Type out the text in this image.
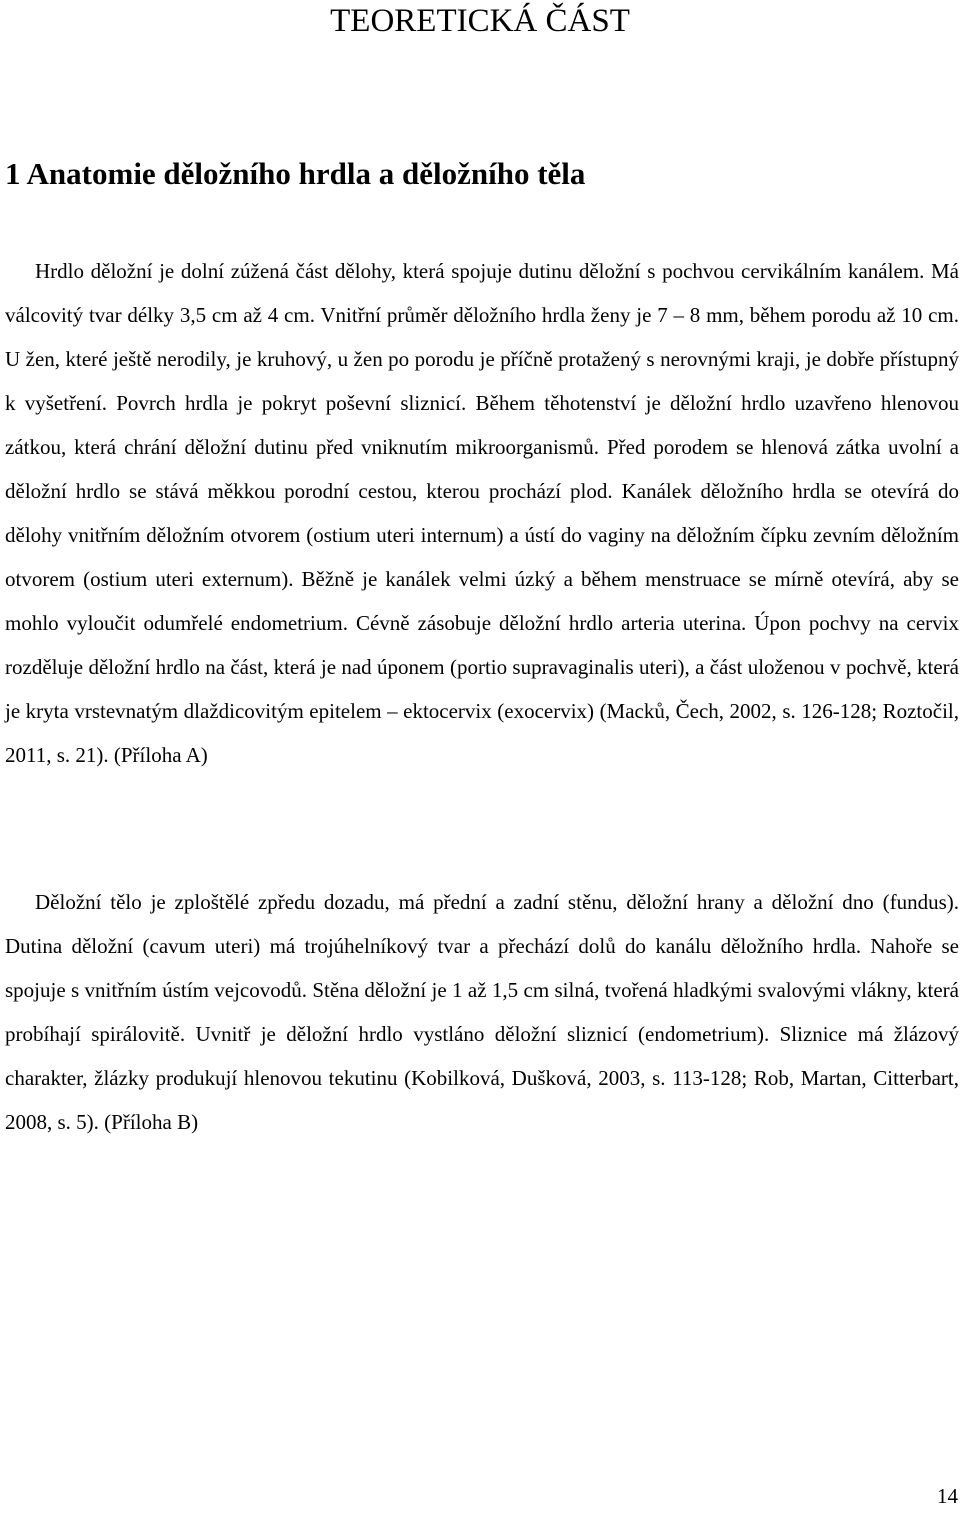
TEORETICKÁ ČÁST
1 Anatomie děložního hrdla a děložního těla

Hrdlo děložní je dolní zúžená část dělohy, která spojuje dutinu děložní s pochvou cervikálním kanálem. Má válcovitý tvar délky 3,5 cm až 4 cm. Vnitřní průměr děložního hrdla ženy je 7 – 8 mm, během porodu až 10 cm. U žen, které ještě nerodily, je kruhový, u žen po porodu je příčně protažený s nerovnými kraji, je dobře přístupný k vyšetření. Povrch hrdla je pokryt poševní sliznicí. Během těhotenství je děložní hrdlo uzavřeno hlenovou zátkou, která chrání děložní dutinu před vniknutím mikroorganismů. Před porodem se hlenová zátka uvolní a děložní hrdlo se stává měkkou porodní cestou, kterou prochází plod. Kanálek děložního hrdla se otevírá do dělohy vnitřním děložním otvorem (ostium uteri internum) a ústí do vaginy na děložním čípku zevním děložním otvorem (ostium uteri externum). Běžně je kanálek velmi úzký a během menstruace se mírně otevírá, aby se mohlo vyloučit odumřelé endometrium. Cévně zásobuje děložní hrdlo arteria uterina. Úpon pochvy na cervix rozděluje děložní hrdlo na část, která je nad úponem (portio supravaginalis uteri), a část uloženou v pochvě, která je kryta vrstevnatým dlaždicovitým epitelem – ektocervix (exocervix) (Macků, Čech, 2002, s. 126-128; Roztočil, 2011, s. 21). (Příloha A)

Děložní tělo je zploštělé zpředu dozadu, má přední a zadní stěnu, děložní hrany a děložní dno (fundus). Dutina děložní (cavum uteri) má trojúhelníkový tvar a přechází dolů do kanálu děložního hrdla. Nahoře se spojuje s vnitřním ústím vejcovodů. Stěna děložní je 1 až 1,5 cm silná, tvořená hladkými svalovými vlákny, která probíhají spirálovitě. Uvnitř je děložní hrdlo vystláno děložní sliznicí (endometrium). Sliznice má žlázový charakter, žlázky produkují hlenovou tekutinu (Kobilková, Dušková, 2003, s. 113-128; Rob, Martan, Citterbart, 2008, s. 5). (Příloha B)

14
